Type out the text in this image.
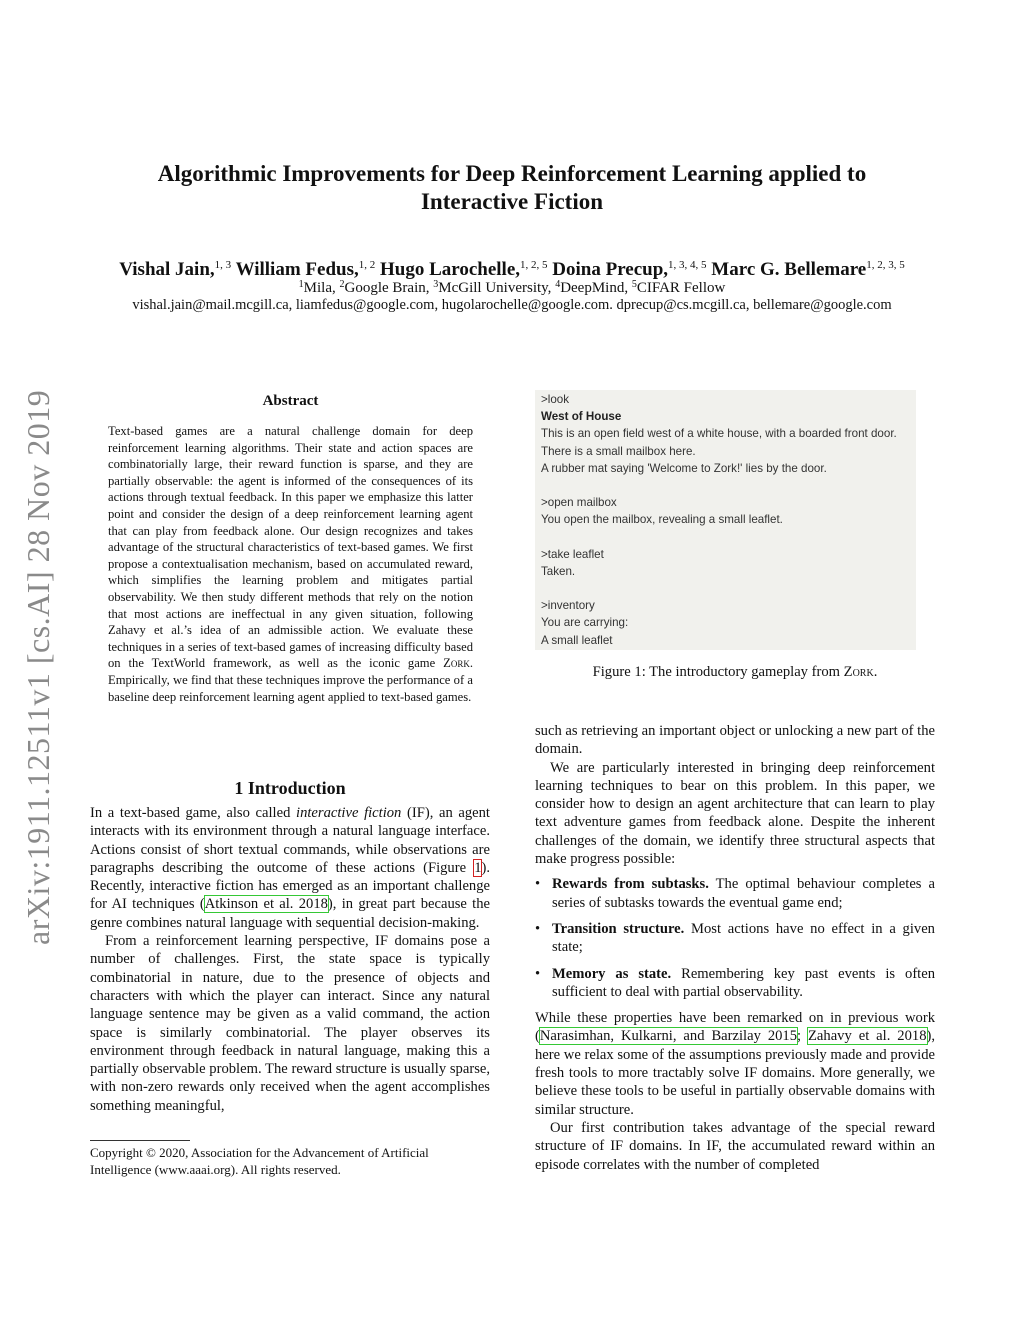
arXiv:1911.12511v1 [cs.AI] 28 Nov 2019
Algorithmic Improvements for Deep Reinforcement Learning applied to
Interactive Fiction
Vishal Jain,$^{1, 3}$ William Fedus,$^{1, 2}$ Hugo Larochelle,$^{1, 2, 5}$ Doina Precup,$^{1, 3, 4, 5}$ Marc G. Bellemare$^{1, 2, 3, 5}$
$^1$Mila, $^2$Google Brain, $^3$McGill University, $^4$DeepMind, $^5$CIFAR Fellow
vishal.jain@mail.mcgill.ca, liamfedus@google.com, hugolarochelle@google.com. dprecup@cs.mcgill.ca, bellemare@google.com
Abstract
Text-based games are a natural challenge domain for deep reinforcement learning algorithms. Their state and action spaces are combinatorially large, their reward function is sparse, and they are partially observable: the agent is informed of the consequences of its actions through textual feedback. In this paper we emphasize this latter point and consider the design of a deep reinforcement learning agent that can play from feedback alone. Our design recognizes and takes advantage of the structural characteristics of text-based games. We first propose a contextualisation mechanism, based on accumulated reward, which simplifies the learning problem and mitigates partial observability. We then study different methods that rely on the notion that most actions are ineffectual in any given situation, following Zahavy et al.’s idea of an admissible action. We evaluate these techniques in a series of text-based games of increasing difficulty based on the TextWorld framework, as well as the iconic game Zork. Empirically, we find that these techniques improve the performance of a baseline deep reinforcement learning agent applied to text-based games.
1 Introduction

In a text-based game, also called interactive fiction (IF), an agent interacts with its environment through a natural language interface. Actions consist of short textual commands, while observations are paragraphs describing the outcome of these actions (Figure 1). Recently, interactive fiction has emerged as an important challenge for AI techniques (Atkinson et al. 2018), in great part because the genre combines natural language with sequential decision-making.

From a reinforcement learning perspective, IF domains pose a number of challenges. First, the state space is typically combinatorial in nature, due to the presence of objects and characters with which the player can interact. Since any natural language sentence may be given as a valid command, the action space is similarly combinatorial. The player observes its environment through feedback in natural language, making this a partially observable problem. The reward structure is usually sparse, with non-zero rewards only received when the agent accomplishes something meaningful,

Copyright © 2020, Association for the Advancement of Artificial Intelligence (www.aaai.org). All rights reserved.
>look
West of House
This is an open field west of a white house, with a boarded front door.
There is a small mailbox here.
A rubber mat saying 'Welcome to Zork!' lies by the door.
>open mailbox
You open the mailbox, revealing a small leaflet.
>take leaflet
Taken.
>inventory
You are carrying:
A small leaflet
Figure 1: The introductory gameplay from Zork.

such as retrieving an important object or unlocking a new part of the domain.

We are particularly interested in bringing deep reinforcement learning techniques to bear on this problem. In this paper, we consider how to design an agent architecture that can learn to play text adventure games from feedback alone. Despite the inherent challenges of the domain, we identify three structural aspects that make progress possible:

• Rewards from subtasks. The optimal behaviour completes a series of subtasks towards the eventual game end;
• Transition structure. Most actions have no effect in a given state;
• Memory as state. Remembering key past events is often sufficient to deal with partial observability.

While these properties have been remarked on in previous work (Narasimhan, Kulkarni, and Barzilay 2015; Zahavy et al. 2018), here we relax some of the assumptions previously made and provide fresh tools to more tractably solve IF domains. More generally, we believe these tools to be useful in partially observable domains with similar structure.

Our first contribution takes advantage of the special reward structure of IF domains. In IF, the accumulated reward within an episode correlates with the number of completed
